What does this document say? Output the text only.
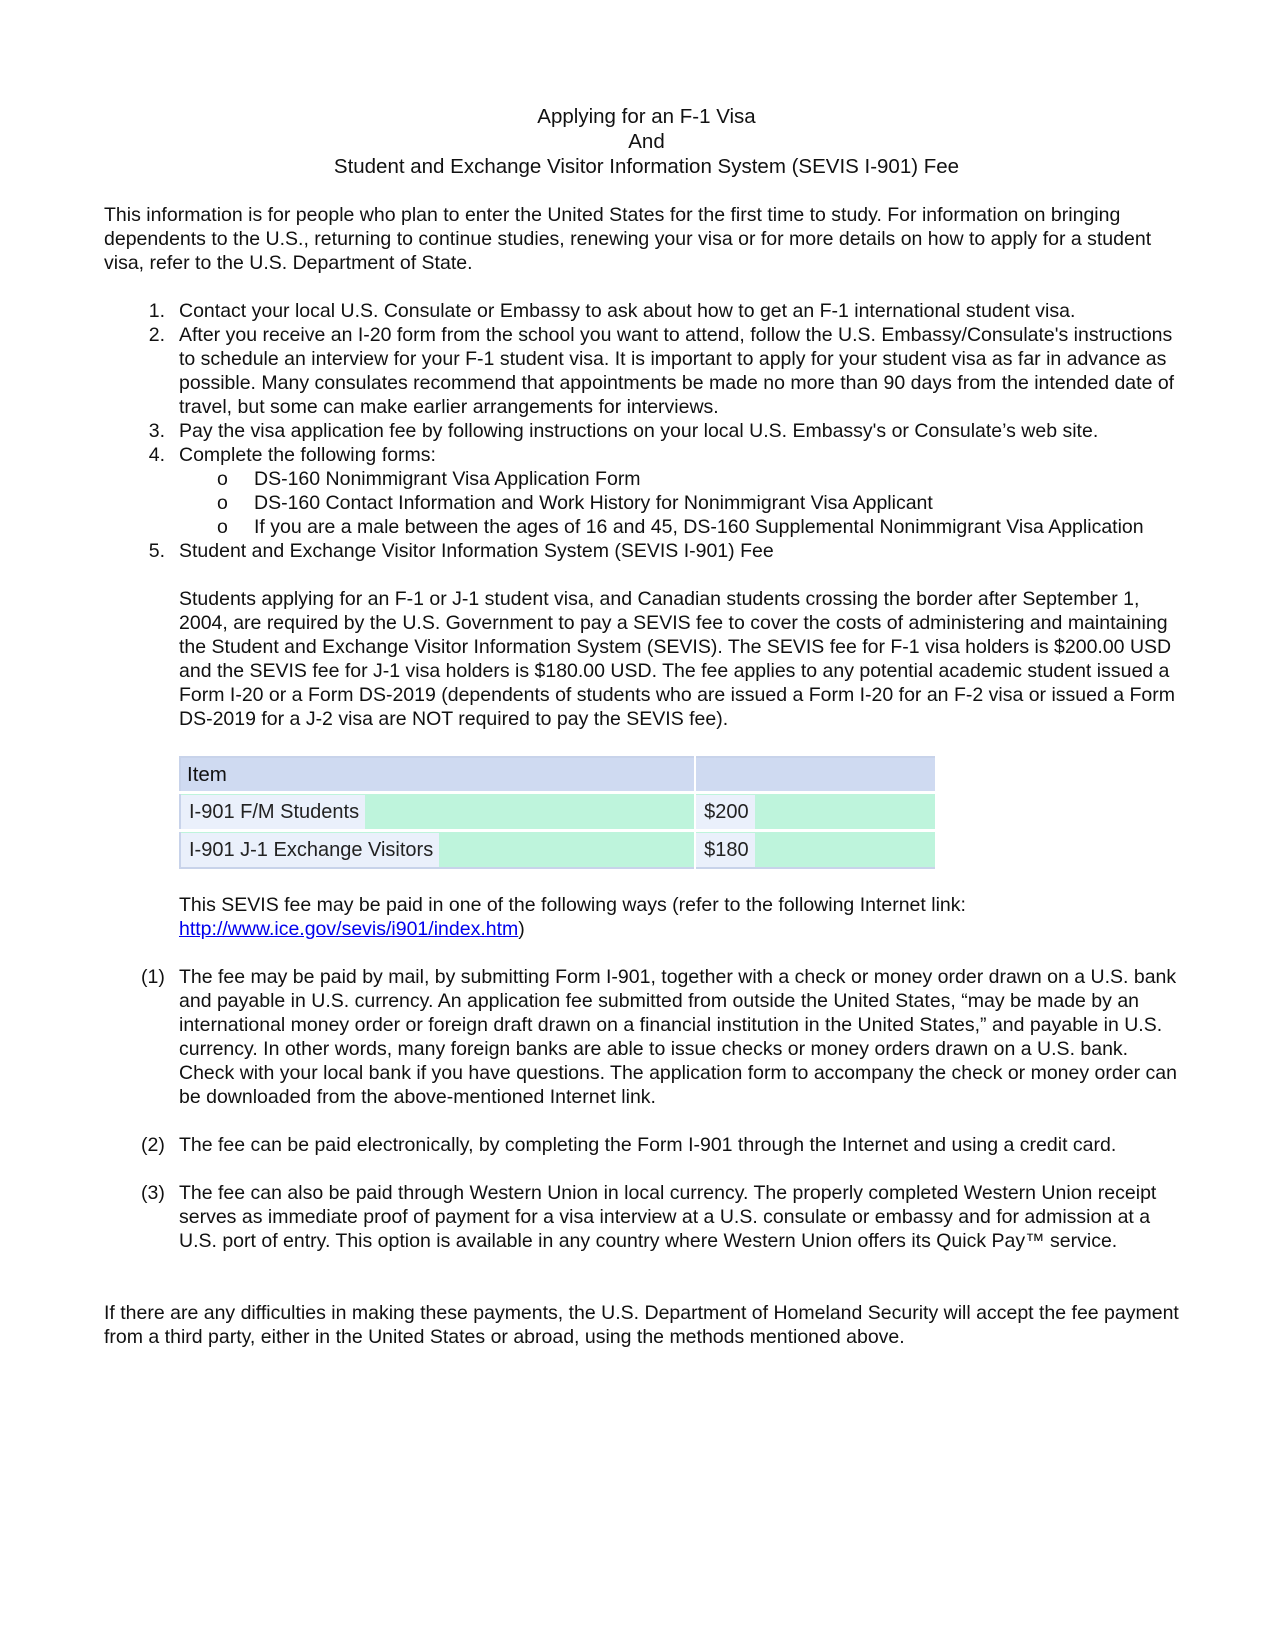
Applying for an F-1 Visa
And
Student and Exchange Visitor Information System (SEVIS I-901) Fee

This information is for people who plan to enter the United States for the first time to study. For information on bringing dependents to the U.S., returning to continue studies, renewing your visa or for more details on how to apply for a student visa, refer to the U.S. Department of State.

1. Contact your local U.S. Consulate or Embassy to ask about how to get an F-1 international student visa.
2. After you receive an I-20 form from the school you want to attend, follow the U.S. Embassy/Consulate's instructions to schedule an interview for your F-1 student visa. It is important to apply for your student visa as far in advance as possible. Many consulates recommend that appointments be made no more than 90 days from the intended date of travel, but some can make earlier arrangements for interviews.
3. Pay the visa application fee by following instructions on your local U.S. Embassy's or Consulate’s web site.
4. Complete the following forms:
o DS-160 Nonimmigrant Visa Application Form
o DS-160 Contact Information and Work History for Nonimmigrant Visa Applicant
o If you are a male between the ages of 16 and 45, DS-160 Supplemental Nonimmigrant Visa Application
5. Student and Exchange Visitor Information System (SEVIS I-901) Fee

Students applying for an F-1 or J-1 student visa, and Canadian students crossing the border after September 1, 2004, are required by the U.S. Government to pay a SEVIS fee to cover the costs of administering and maintaining the Student and Exchange Visitor Information System (SEVIS). The SEVIS fee for F-1 visa holders is $200.00 USD and the SEVIS fee for J-1 visa holders is $180.00 USD. The fee applies to any potential academic student issued a Form I-20 or a Form DS-2019 (dependents of students who are issued a Form I-20 for an F-2 visa or issued a Form DS-2019 for a J-2 visa are NOT required to pay the SEVIS fee).

Item	
I-901 F/M Students	$200
I-901 J-1 Exchange Visitors	$180

This SEVIS fee may be paid in one of the following ways (refer to the following Internet link:
http://www.ice.gov/sevis/i901/index.htm)

(1) The fee may be paid by mail, by submitting Form I-901, together with a check or money order drawn on a U.S. bank and payable in U.S. currency. An application fee submitted from outside the United States, “may be made by an international money order or foreign draft drawn on a financial institution in the United States,” and payable in U.S. currency. In other words, many foreign banks are able to issue checks or money orders drawn on a U.S. bank. Check with your local bank if you have questions. The application form to accompany the check or money order can be downloaded from the above-mentioned Internet link.
(2) The fee can be paid electronically, by completing the Form I-901 through the Internet and using a credit card.
(3) The fee can also be paid through Western Union in local currency. The properly completed Western Union receipt serves as immediate proof of payment for a visa interview at a U.S. consulate or embassy and for admission at a U.S. port of entry. This option is available in any country where Western Union offers its Quick Pay™ service.

If there are any difficulties in making these payments, the U.S. Department of Homeland Security will accept the fee payment from a third party, either in the United States or abroad, using the methods mentioned above.
